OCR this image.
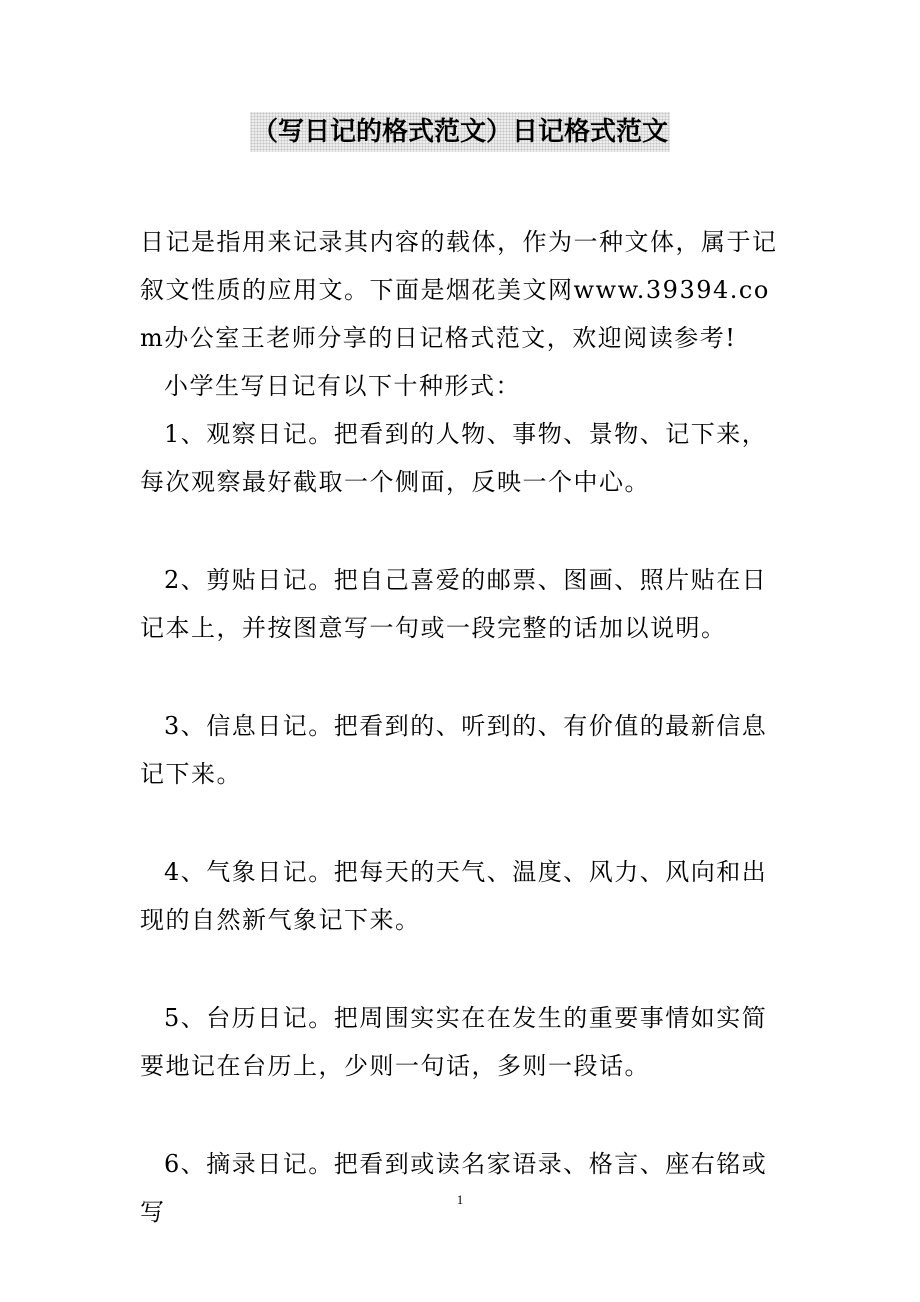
（写日记的格式范文）日记格式范文
日记是指用来记录其内容的载体，作为一种文体，属于记叙文性质的应用文。下面是烟花美文网www.39394.com办公室王老师分享的日记格式范文，欢迎阅读参考!
小学生写日记有以下十种形式：
1、观察日记。把看到的人物、事物、景物、记下来，每次观察最好截取一个侧面，反映一个中心。
2、剪贴日记。把自己喜爱的邮票、图画、照片贴在日记本上，并按图意写一句或一段完整的话加以说明。
3、信息日记。把看到的、听到的、有价值的最新信息记下来。
4、气象日记。把每天的天气、温度、风力、风向和出现的自然新气象记下来。
5、台历日记。把周围实实在在发生的重要事情如实简要地记在台历上，少则一句话，多则一段话。
6、摘录日记。把看到或读名家语录、格言、座右铭或写	1
